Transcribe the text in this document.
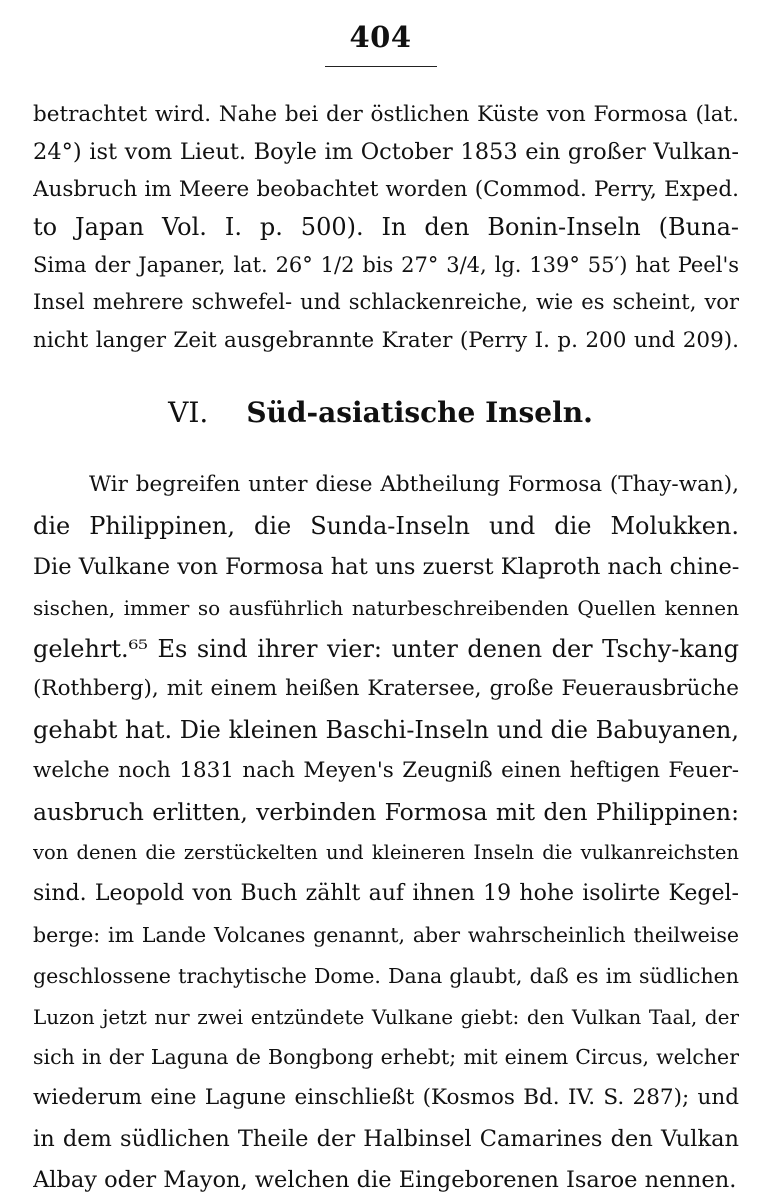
404
betrachtet wird. Nahe bei der östlichen Küste von Formosa (lat.
24°) ist vom Lieut. Boyle im October 1853 ein großer Vulkan-
Ausbruch im Meere beobachtet worden (Commod. Perry, Exped.
to Japan Vol. I. p. 500). In den Bonin-Inseln (Buna-
Sima der Japaner, lat. 26° 1/2 bis 27° 3/4, lg. 139° 55′) hat Peel's
Insel mehrere schwefel- und schlackenreiche, wie es scheint, vor
nicht langer Zeit ausgebrannte Krater (Perry I. p. 200 und 209).
VI. Süd-asiatische Inseln.
Wir begreifen unter diese Abtheilung Formosa (Thay-wan),
die Philippinen, die Sunda-Inseln und die Molukken.
Die Vulkane von Formosa hat uns zuerst Klaproth nach chine-
sischen, immer so ausführlich naturbeschreibenden Quellen kennen
gelehrt.⁶⁵ Es sind ihrer vier: unter denen der Tschy-kang
(Rothberg), mit einem heißen Kratersee, große Feuerausbrüche
gehabt hat. Die kleinen Baschi-Inseln und die Babuyanen,
welche noch 1831 nach Meyen's Zeugniß einen heftigen Feuer-
ausbruch erlitten, verbinden Formosa mit den Philippinen:
von denen die zerstückelten und kleineren Inseln die vulkanreichsten
sind. Leopold von Buch zählt auf ihnen 19 hohe isolirte Kegel-
berge: im Lande Volcanes genannt, aber wahrscheinlich theilweise
geschlossene trachytische Dome. Dana glaubt, daß es im südlichen
Luzon jetzt nur zwei entzündete Vulkane giebt: den Vulkan Taal, der
sich in der Laguna de Bongbong erhebt; mit einem Circus, welcher
wiederum eine Lagune einschließt (Kosmos Bd. IV. S. 287); und
in dem südlichen Theile der Halbinsel Camarines den Vulkan
Albay oder Mayon, welchen die Eingeborenen Isaroe nennen.
